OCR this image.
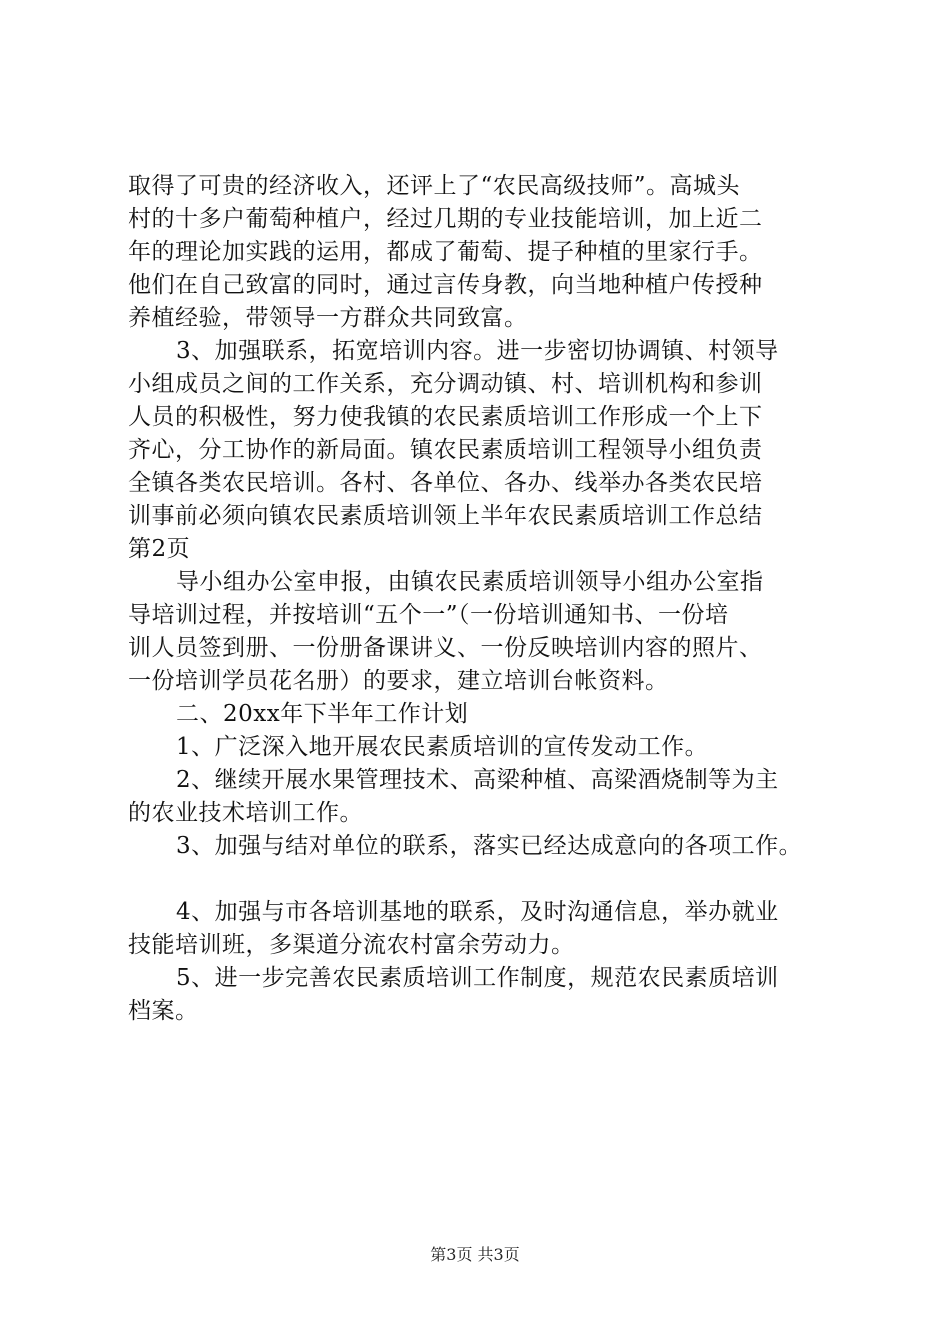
取得了可贵的经济收入，还评上了“农民高级技师”。高城头
村的十多户葡萄种植户，经过几期的专业技能培训，加上近二
年的理论加实践的运用，都成了葡萄、提子种植的里家行手。
他们在自己致富的同时，通过言传身教，向当地种植户传授种
养植经验，带领导一方群众共同致富。
3、加强联系，拓宽培训内容。进一步密切协调镇、村领导
小组成员之间的工作关系，充分调动镇、村、培训机构和参训
人员的积极性，努力使我镇的农民素质培训工作形成一个上下
齐心，分工协作的新局面。镇农民素质培训工程领导小组负责
全镇各类农民培训。各村、各单位、各办、线举办各类农民培
训事前必须向镇农民素质培训领上半年农民素质培训工作总结
第2页
导小组办公室申报，由镇农民素质培训领导小组办公室指
导培训过程，并按培训“五个一”（一份培训通知书、一份培
训人员签到册、一份册备课讲义、一份反映培训内容的照片、
一份培训学员花名册）的要求，建立培训台帐资料。
二、20xx年下半年工作计划
1、广泛深入地开展农民素质培训的宣传发动工作。
2、继续开展水果管理技术、高梁种植、高梁酒烧制等为主
的农业技术培训工作。
3、加强与结对单位的联系，落实已经达成意向的各项工作。
4、加强与市各培训基地的联系，及时沟通信息，举办就业
技能培训班，多渠道分流农村富余劳动力。
5、进一步完善农民素质培训工作制度，规范农民素质培训
档案。
第3页 共3页
